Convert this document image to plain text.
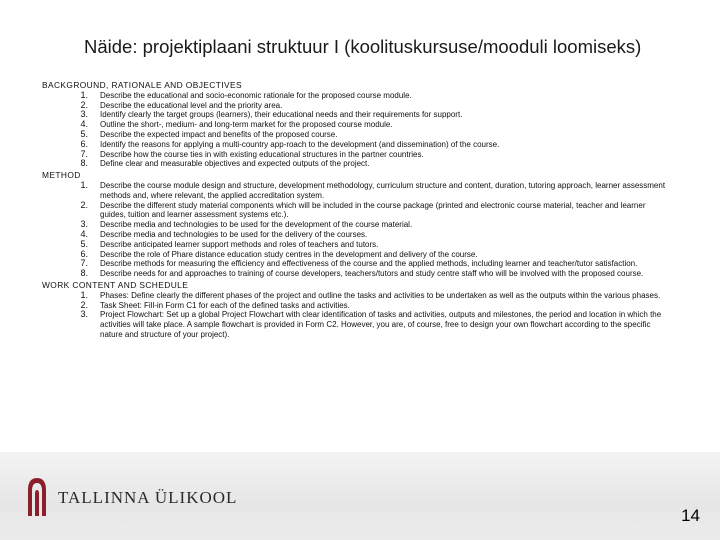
Näide: projektiplaani struktuur I (koolituskursuse/mooduli loomiseks)
BACKGROUND, RATIONALE AND OBJECTIVES
1.	Describe the educational and socio-economic rationale for the proposed course module.
2.	Describe the educational level and the priority area.
3.	Identify clearly the target groups (learners), their educational needs and their requirements for support.
4.	Outline the short-, medium- and long-term market for the proposed course module.
5.	Describe the expected impact and benefits of the proposed course.
6.	Identify the reasons for applying a multi-country app-roach to the development (and dissemination) of the course.
7.	Describe how the course ties in with existing educational structures in the partner countries.
8.	Define clear and measurable objectives and expected outputs of the project.
METHOD
1.	Describe the course module design and structure, development methodology, curriculum structure and content, duration, tutoring approach, learner assessment methods and, where relevant, the applied accreditation system.
2.	Describe the different study material components which will be included in the course package (printed and electronic course material, teacher and learner guides, tuition and learner assessment systems etc.).
3.	Describe media and technologies to be used for the development of the course material.
4.	Describe media and technologies to be used for the delivery of the courses.
5.	Describe anticipated learner support methods and roles of teachers and tutors.
6.	Describe the role of Phare distance education study centres in the development and delivery of the course.
7.	Describe methods for measuring the efficiency and effectiveness of the course and the applied methods, including learner and teacher/tutor satisfaction.
8.	Describe needs for and approaches to training of course developers, teachers/tutors and study centre staff who will be involved with the proposed course.
WORK CONTENT AND SCHEDULE
1.	Phases: Define clearly the different phases of the project and outline the tasks and activities to be undertaken as well as the outputs within the various phases.
2.	Task Sheet: Fill-in Form C1 for each of the defined tasks and activities.
3.	Project Flowchart: Set up a global Project Flowchart with clear identification of tasks and activities, outputs and milestones, the period and location in which the activities will take place. A sample flowchart is provided in Form C2. However, you are, of course, free to design your own flowchart according to the specific nature and structure of your project).
TALLINNA ÜLIKOOL
14
